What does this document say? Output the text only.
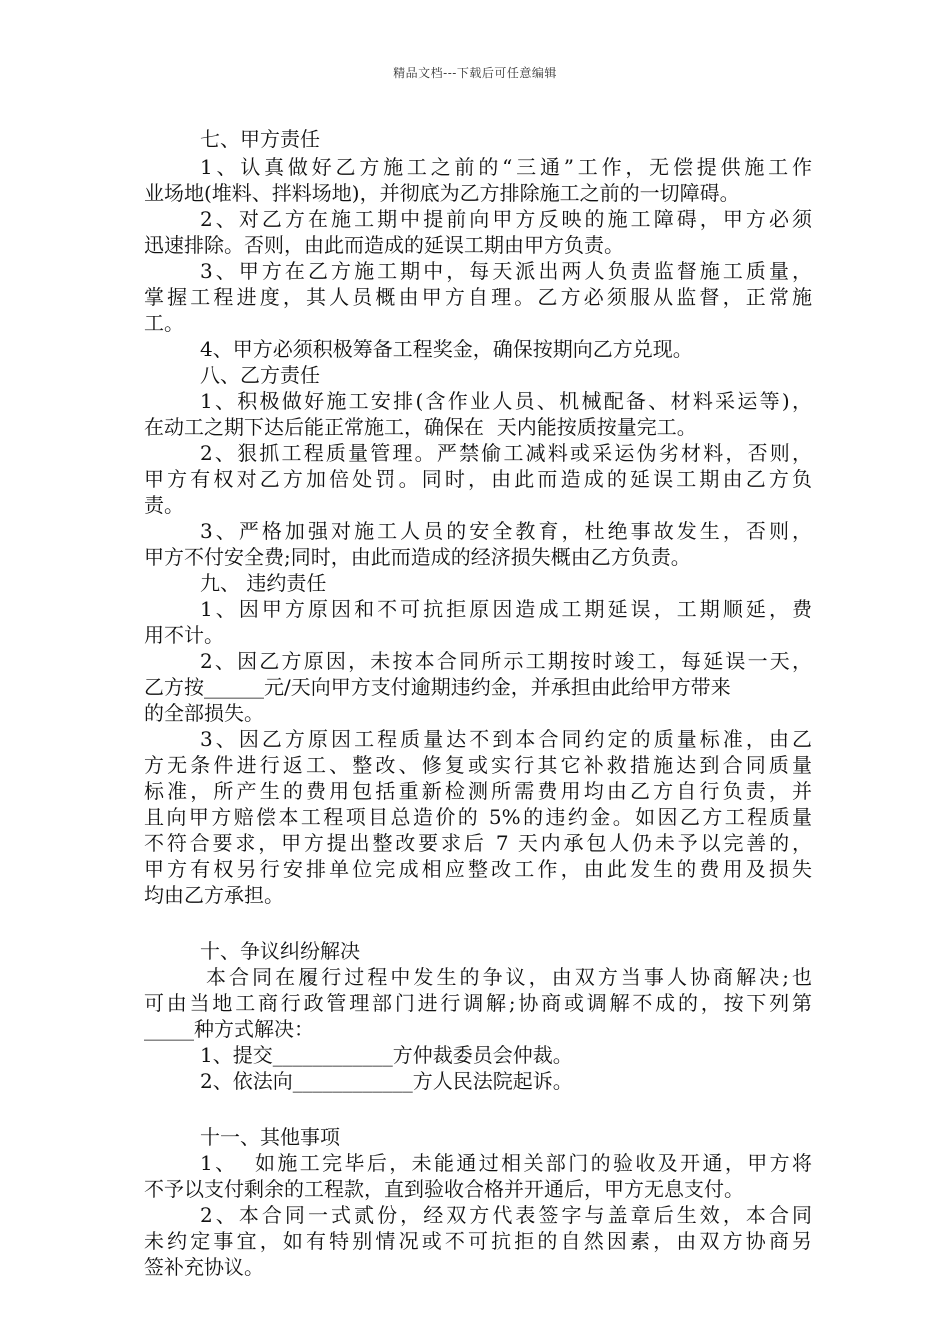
精品文档---下载后可任意编辑
七、甲方责任
1、认真做好乙方施工之前的“三通”工作，无偿提供施工作
业场地(堆料、拌料场地)，并彻底为乙方排除施工之前的一切障碍。
2、对乙方在施工期中提前向甲方反映的施工障碍，甲方必须
迅速排除。否则，由此而造成的延误工期由甲方负责。
3、甲方在乙方施工期中，每天派出两人负责监督施工质量，
掌握工程进度，其人员概由甲方自理。乙方必须服从监督，正常施
工。
4、甲方必须积极筹备工程奖金，确保按期向乙方兑现。
八、乙方责任
1、积极做好施工安排(含作业人员、机械配备、材料采运等)，
在动工之期下达后能正常施工，确保在  天内能按质按量完工。
2、狠抓工程质量管理。严禁偷工减料或采运伪劣材料，否则，
甲方有权对乙方加倍处罚。同时，由此而造成的延误工期由乙方负
责。
3、严格加强对施工人员的安全教育，杜绝事故发生，否则，
甲方不付安全费;同时，由此而造成的经济损失概由乙方负责。
九、 违约责任
1、因甲方原因和不可抗拒原因造成工期延误，工期顺延，费
用不计。
2、因乙方原因，未按本合同所示工期按时竣工，每延误一天，
乙方按______元/天向甲方支付逾期违约金，并承担由此给甲方带来
的全部损失。
3、因乙方原因工程质量达不到本合同约定的质量标准，由乙
方无条件进行返工、整改、修复或实行其它补救措施达到合同质量
标准，所产生的费用包括重新检测所需费用均由乙方自行负责，并
且向甲方赔偿本工程项目总造价的 5%的违约金。如因乙方工程质量
不符合要求，甲方提出整改要求后 7 天内承包人仍未予以完善的，
甲方有权另行安排单位完成相应整改工作，由此发生的费用及损失
均由乙方承担。
十、争议纠纷解决
本合同在履行过程中发生的争议，由双方当事人协商解决;也
可由当地工商行政管理部门进行调解;协商或调解不成的，按下列第
_____种方式解决：
1、提交____________方仲裁委员会仲裁。
2、依法向____________方人民法院起诉。
十一、其他事项
1、  如施工完毕后，未能通过相关部门的验收及开通，甲方将
不予以支付剩余的工程款，直到验收合格并开通后，甲方无息支付。
2、本合同一式贰份，经双方代表签字与盖章后生效，本合同
未约定事宜，如有特别情况或不可抗拒的自然因素，由双方协商另
签补充协议。
